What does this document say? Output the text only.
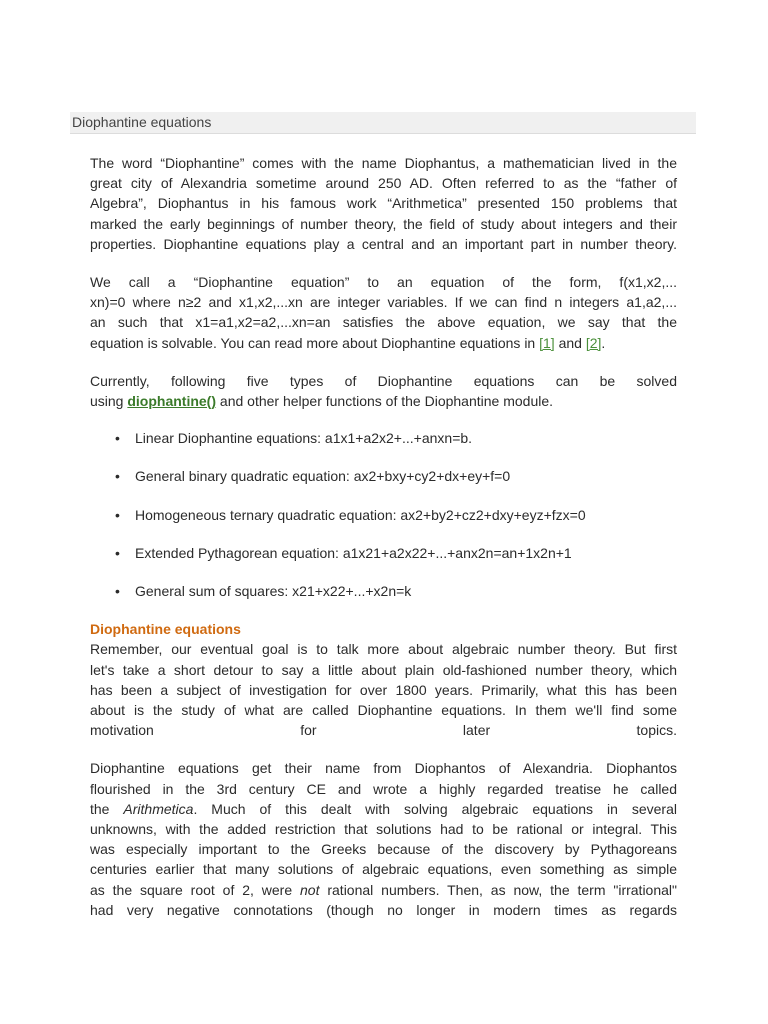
Diophantine equations

The word “Diophantine” comes with the name Diophantus, a mathematician lived in the

great city of Alexandria sometime around 250 AD. Often referred to as the “father of

Algebra”, Diophantus in his famous work “Arithmetica” presented 150 problems that

marked the early beginnings of number theory, the field of study about integers and their

properties. Diophantine equations play a central and an important part in number theory.

We call a “Diophantine equation” to an equation of the form, f(x1,x2,...

xn)=0 where n≥2 and x1,x2,...xn are integer variables. If we can find n integers a1,a2,...

an such that x1=a1,x2=a2,...xn=an satisfies the above equation, we say that the

equation is solvable. You can read more about Diophantine equations in [1] and [2].

Currently, following five types of Diophantine equations can be solved

using diophantine() and other helper functions of the Diophantine module.

• Linear Diophantine equations: a1x1+a2x2+...+anxn=b.
• General binary quadratic equation: ax2+bxy+cy2+dx+ey+f=0
• Homogeneous ternary quadratic equation: ax2+by2+cz2+dxy+eyz+fzx=0
• Extended Pythagorean equation: a1x21+a2x22+...+anx2n=an+1x2n+1
• General sum of squares: x21+x22+...+x2n=k
Diophantine equations

Remember, our eventual goal is to talk more about algebraic number theory. But first

let's take a short detour to say a little about plain old-fashioned number theory, which

has been a subject of investigation for over 1800 years. Primarily, what this has been

about is the study of what are called Diophantine equations. In them we'll find some

motivation for later topics.

Diophantine equations get their name from Diophantos of Alexandria. Diophantos

flourished in the 3rd century CE and wrote a highly regarded treatise he called

the Arithmetica. Much of this dealt with solving algebraic equations in several

unknowns, with the added restriction that solutions had to be rational or integral. This

was especially important to the Greeks because of the discovery by Pythagoreans

centuries earlier that many solutions of algebraic equations, even something as simple

as the square root of 2, were not rational numbers. Then, as now, the term "irrational"

had very negative connotations (though no longer in modern times as regards
